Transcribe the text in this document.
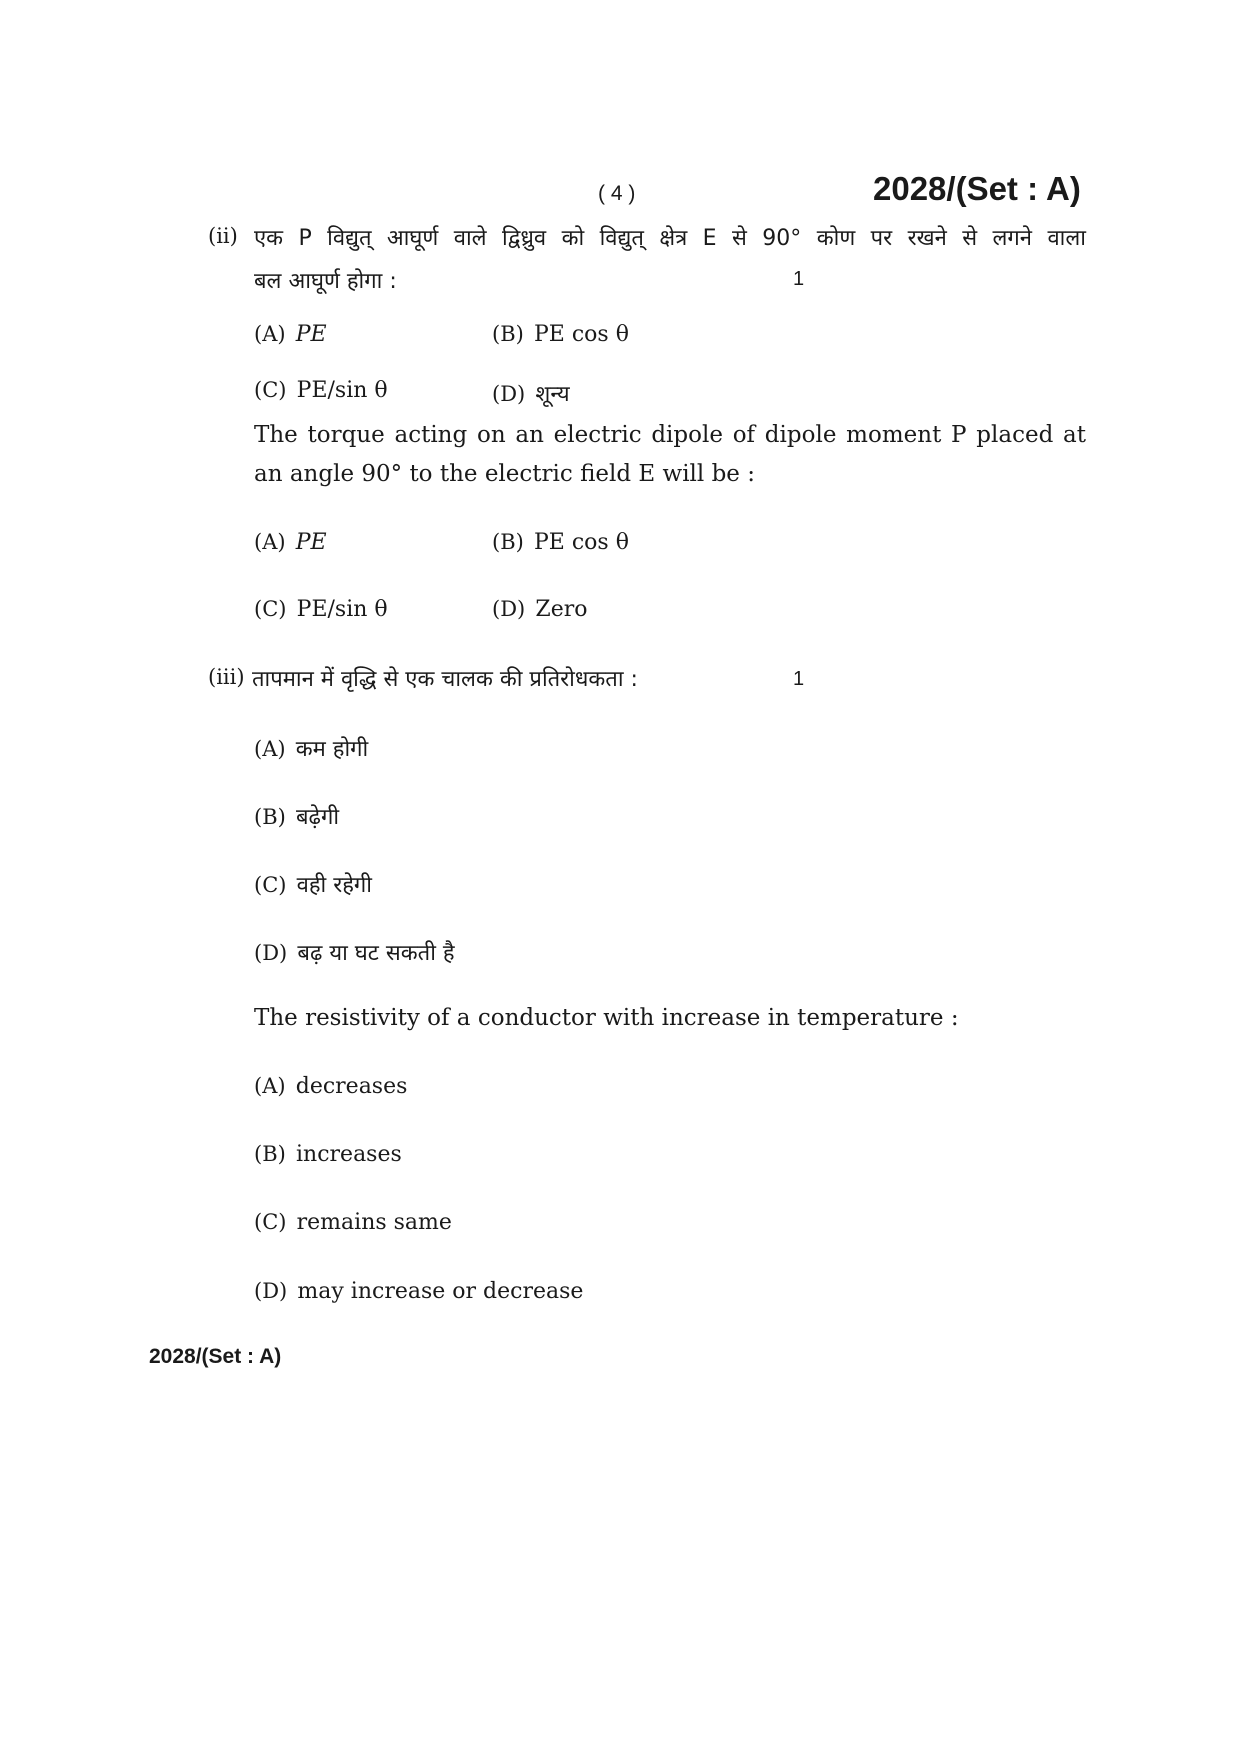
( 4 )	2028/(Set : A)
(ii) एक P विद्युत् आघूर्ण वाले द्विध्रुव को विद्युत् क्षेत्र E से 90° कोण पर रखने से लगने वाला
बल आघूर्ण होगा :	1
(A) PE	(B) PE cos θ
(C) PE/sin θ	(D) शून्य
The torque acting on an electric dipole of dipole moment P placed at
an angle 90° to the electric field E will be :
(A) PE	(B) PE cos θ
(C) PE/sin θ	(D) Zero
(iii) तापमान में वृद्धि से एक चालक की प्रतिरोधकता :	1
(A) कम होगी
(B) बढ़ेगी
(C) वही रहेगी
(D) बढ़ या घट सकती है
The resistivity of a conductor with increase in temperature :
(A) decreases
(B) increases
(C) remains same
(D) may increase or decrease
2028/(Set : A)
